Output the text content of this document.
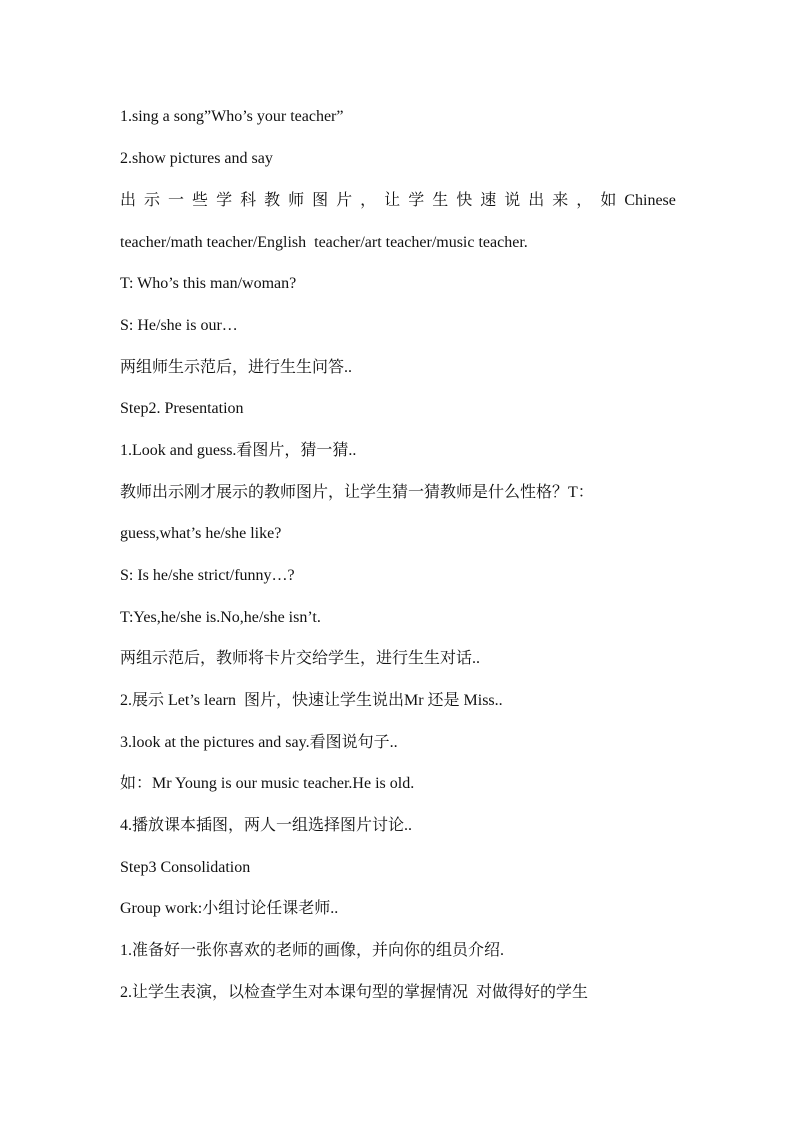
1.sing a song”Who’s your teacher”
2.show pictures and say
出 示 一 些 学 科 教 师 图 片 ， 让 学 生 快 速 说 出 来 ， 如 Chinese
teacher/math teacher/English  teacher/art teacher/music teacher.
T: Who’s this man/woman?
S: He/she is our…
两组师生示范后，进行生生问答..
Step2. Presentation
1.Look and guess.看图片，猜一猜..
教师出示刚才展示的教师图片，让学生猜一猜教师是什么性格？T：
guess,what’s he/she like?
S: Is he/she strict/funny…?
T:Yes,he/she is.No,he/she isn’t.
两组示范后，教师将卡片交给学生，进行生生对话..
2.展示 Let’s learn  图片，快速让学生说出Mr 还是 Miss..
3.look at the pictures and say.看图说句子..
如：Mr Young is our music teacher.He is old.
4.播放课本插图，两人一组选择图片讨论..
Step3 Consolidation
Group work:小组讨论任课老师..
1.准备好一张你喜欢的老师的画像，并向你的组员介绍.
2.让学生表演，以检查学生对本课句型的掌握情况  对做得好的学生
